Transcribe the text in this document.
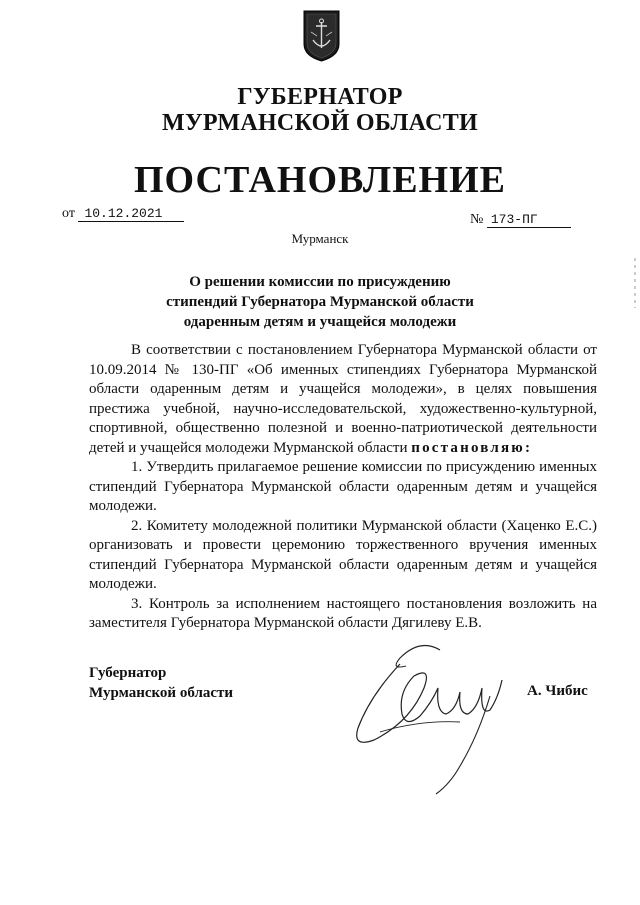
ГУБЕРНАТОР
МУРМАНСКОЙ ОБЛАСТИ
ПОСТАНОВЛЕНИЕ
от 10.12.2021	№ 173-ПГ
Мурманск
О решении комиссии по присуждению
стипендий Губернатора Мурманской области
одаренным детям и учащейся молодежи

В соответствии с постановлением Губернатора Мурманской области от 10.09.2014 № 130-ПГ «Об именных стипендиях Губернатора Мурманской области одаренным детям и учащейся молодежи», в целях повышения престижа учебной, научно-исследовательской, художественно-культурной, спортивной, общественно полезной и военно-патриотической деятельности детей и учащейся молодежи Мурманской области постановляю:

1. Утвердить прилагаемое решение комиссии по присуждению именных стипендий Губернатора Мурманской области одаренным детям и учащейся молодежи.

2. Комитету молодежной политики Мурманской области (Хаценко Е.С.) организовать и провести церемонию торжественного вручения именных стипендий Губернатора Мурманской области одаренным детям и учащейся молодежи.

3. Контроль за исполнением настоящего постановления возложить на заместителя Губернатора Мурманской области Дягилеву Е.В.

Губернатор
Мурманской области	А. Чибис
